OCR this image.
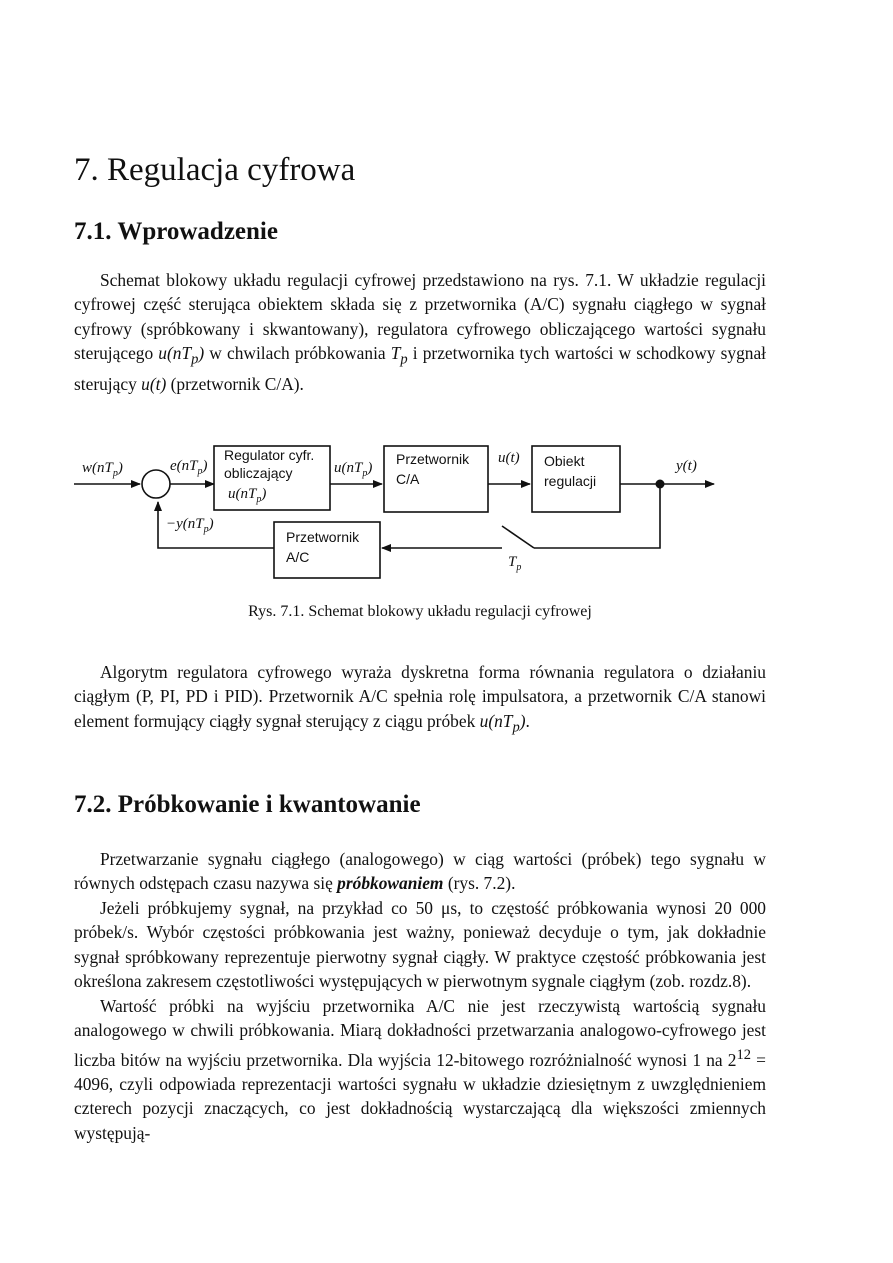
7. Regulacja cyfrowa
7.1. Wprowadzenie

Schemat blokowy układu regulacji cyfrowej przedstawiono na rys. 7.1. W układzie regulacji cyfrowej część sterująca obiektem składa się z przetwornika (A/C) sygnału ciągłego w sygnał cyfrowy (spróbkowany i skwantowany), regulatora cyfrowego obliczającego wartości sygnału sterującego $u(nT_p)$ w chwilach próbkowania $T_p$ i przetwornika tych wartości w schodkowy sygnał sterujący u(t) (przetwornik C/A).

Regulator cyfr.
obliczający
$u(nT_p)$
Przetwornik
C/A
Obiekt
regulacji
Przetwornik
A/C
$w(nT_p)$	$e(nT_p)$	$u(nT_p)$
u(t)	y(t)
$-y(nT_p)$
$T_p$

Rys. 7.1. Schemat blokowy układu regulacji cyfrowej

Algorytm regulatora cyfrowego wyraża dyskretna forma równania regulatora o działaniu ciągłym (P, PI, PD i PID). Przetwornik A/C spełnia rolę impulsatora, a przetwornik C/A stanowi element formujący ciągły sygnał sterujący z ciągu próbek $u(nT_p)$.

7.2. Próbkowanie i kwantowanie

Przetwarzanie sygnału ciągłego (analogowego) w ciąg wartości (próbek) tego sygnału w równych odstępach czasu nazywa się próbkowaniem (rys. 7.2).

Jeżeli próbkujemy sygnał, na przykład co 50 μs, to częstość próbkowania wynosi 20 000 próbek/s. Wybór częstości próbkowania jest ważny, ponieważ decyduje o tym, jak dokładnie sygnał spróbkowany reprezentuje pierwotny sygnał ciągły. W praktyce częstość próbkowania jest określona zakresem częstotliwości występujących w pierwotnym sygnale ciągłym (zob. rozdz.8).

Wartość próbki na wyjściu przetwornika A/C nie jest rzeczywistą wartością sygnału analogowego w chwili próbkowania. Miarą dokładności przetwarzania analogowo-cyfrowego jest liczba bitów na wyjściu przetwornika. Dla wyjścia 12-bitowego rozróżnialność wynosi 1 na $2^{12} = 4096$, czyli odpowiada reprezentacji wartości sygnału w układzie dziesiętnym z uwzględnieniem czterech pozycji znaczących, co jest dokładnością wystarczającą dla większości zmiennych występują-
